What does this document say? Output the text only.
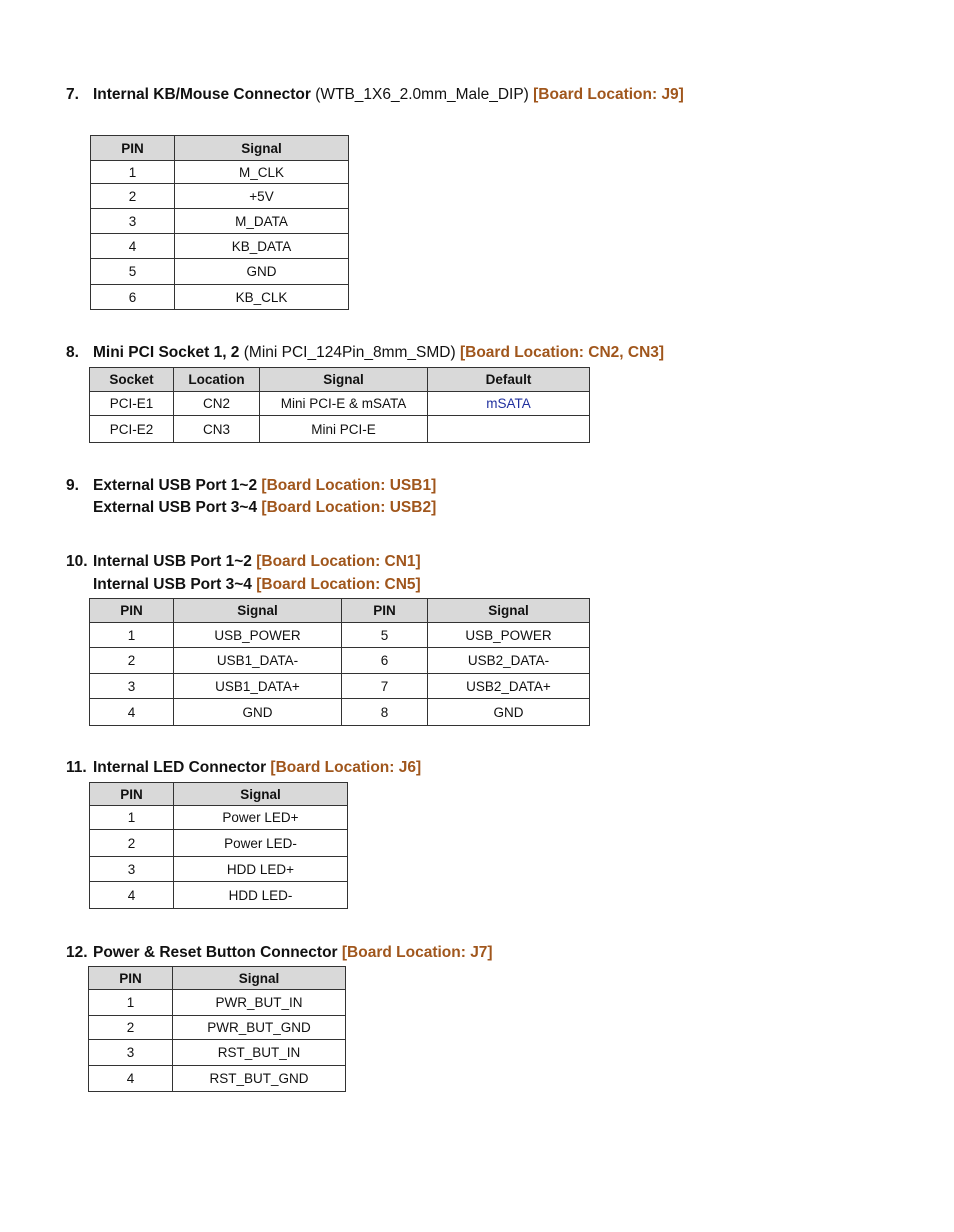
7. Internal KB/Mouse Connector (WTB_1X6_2.0mm_Male_DIP) [Board Location: J9]
PIN	Signal
1	M_CLK
2	+5V
3	M_DATA
4	KB_DATA
5	GND
6	KB_CLK
8. Mini PCI Socket 1, 2 (Mini PCI_124Pin_8mm_SMD) [Board Location: CN2, CN3]
Socket	Location	Signal	Default
PCI-E1	CN2	Mini PCI-E & mSATA	mSATA
PCI-E2	CN3	Mini PCI-E	
9. External USB Port 1~2 [Board Location: USB1]
External USB Port 3~4 [Board Location: USB2]
10. Internal USB Port 1~2 [Board Location: CN1]
Internal USB Port 3~4 [Board Location: CN5]
PIN	Signal	PIN	Signal
1	USB_POWER	5	USB_POWER
2	USB1_DATA-	6	USB2_DATA-
3	USB1_DATA+	7	USB2_DATA+
4	GND	8	GND
11. Internal LED Connector [Board Location: J6]
PIN	Signal
1	Power LED+
2	Power LED-
3	HDD LED+
4	HDD LED-
12. Power & Reset Button Connector [Board Location: J7]
PIN	Signal
1	PWR_BUT_IN
2	PWR_BUT_GND
3	RST_BUT_IN
4	RST_BUT_GND
